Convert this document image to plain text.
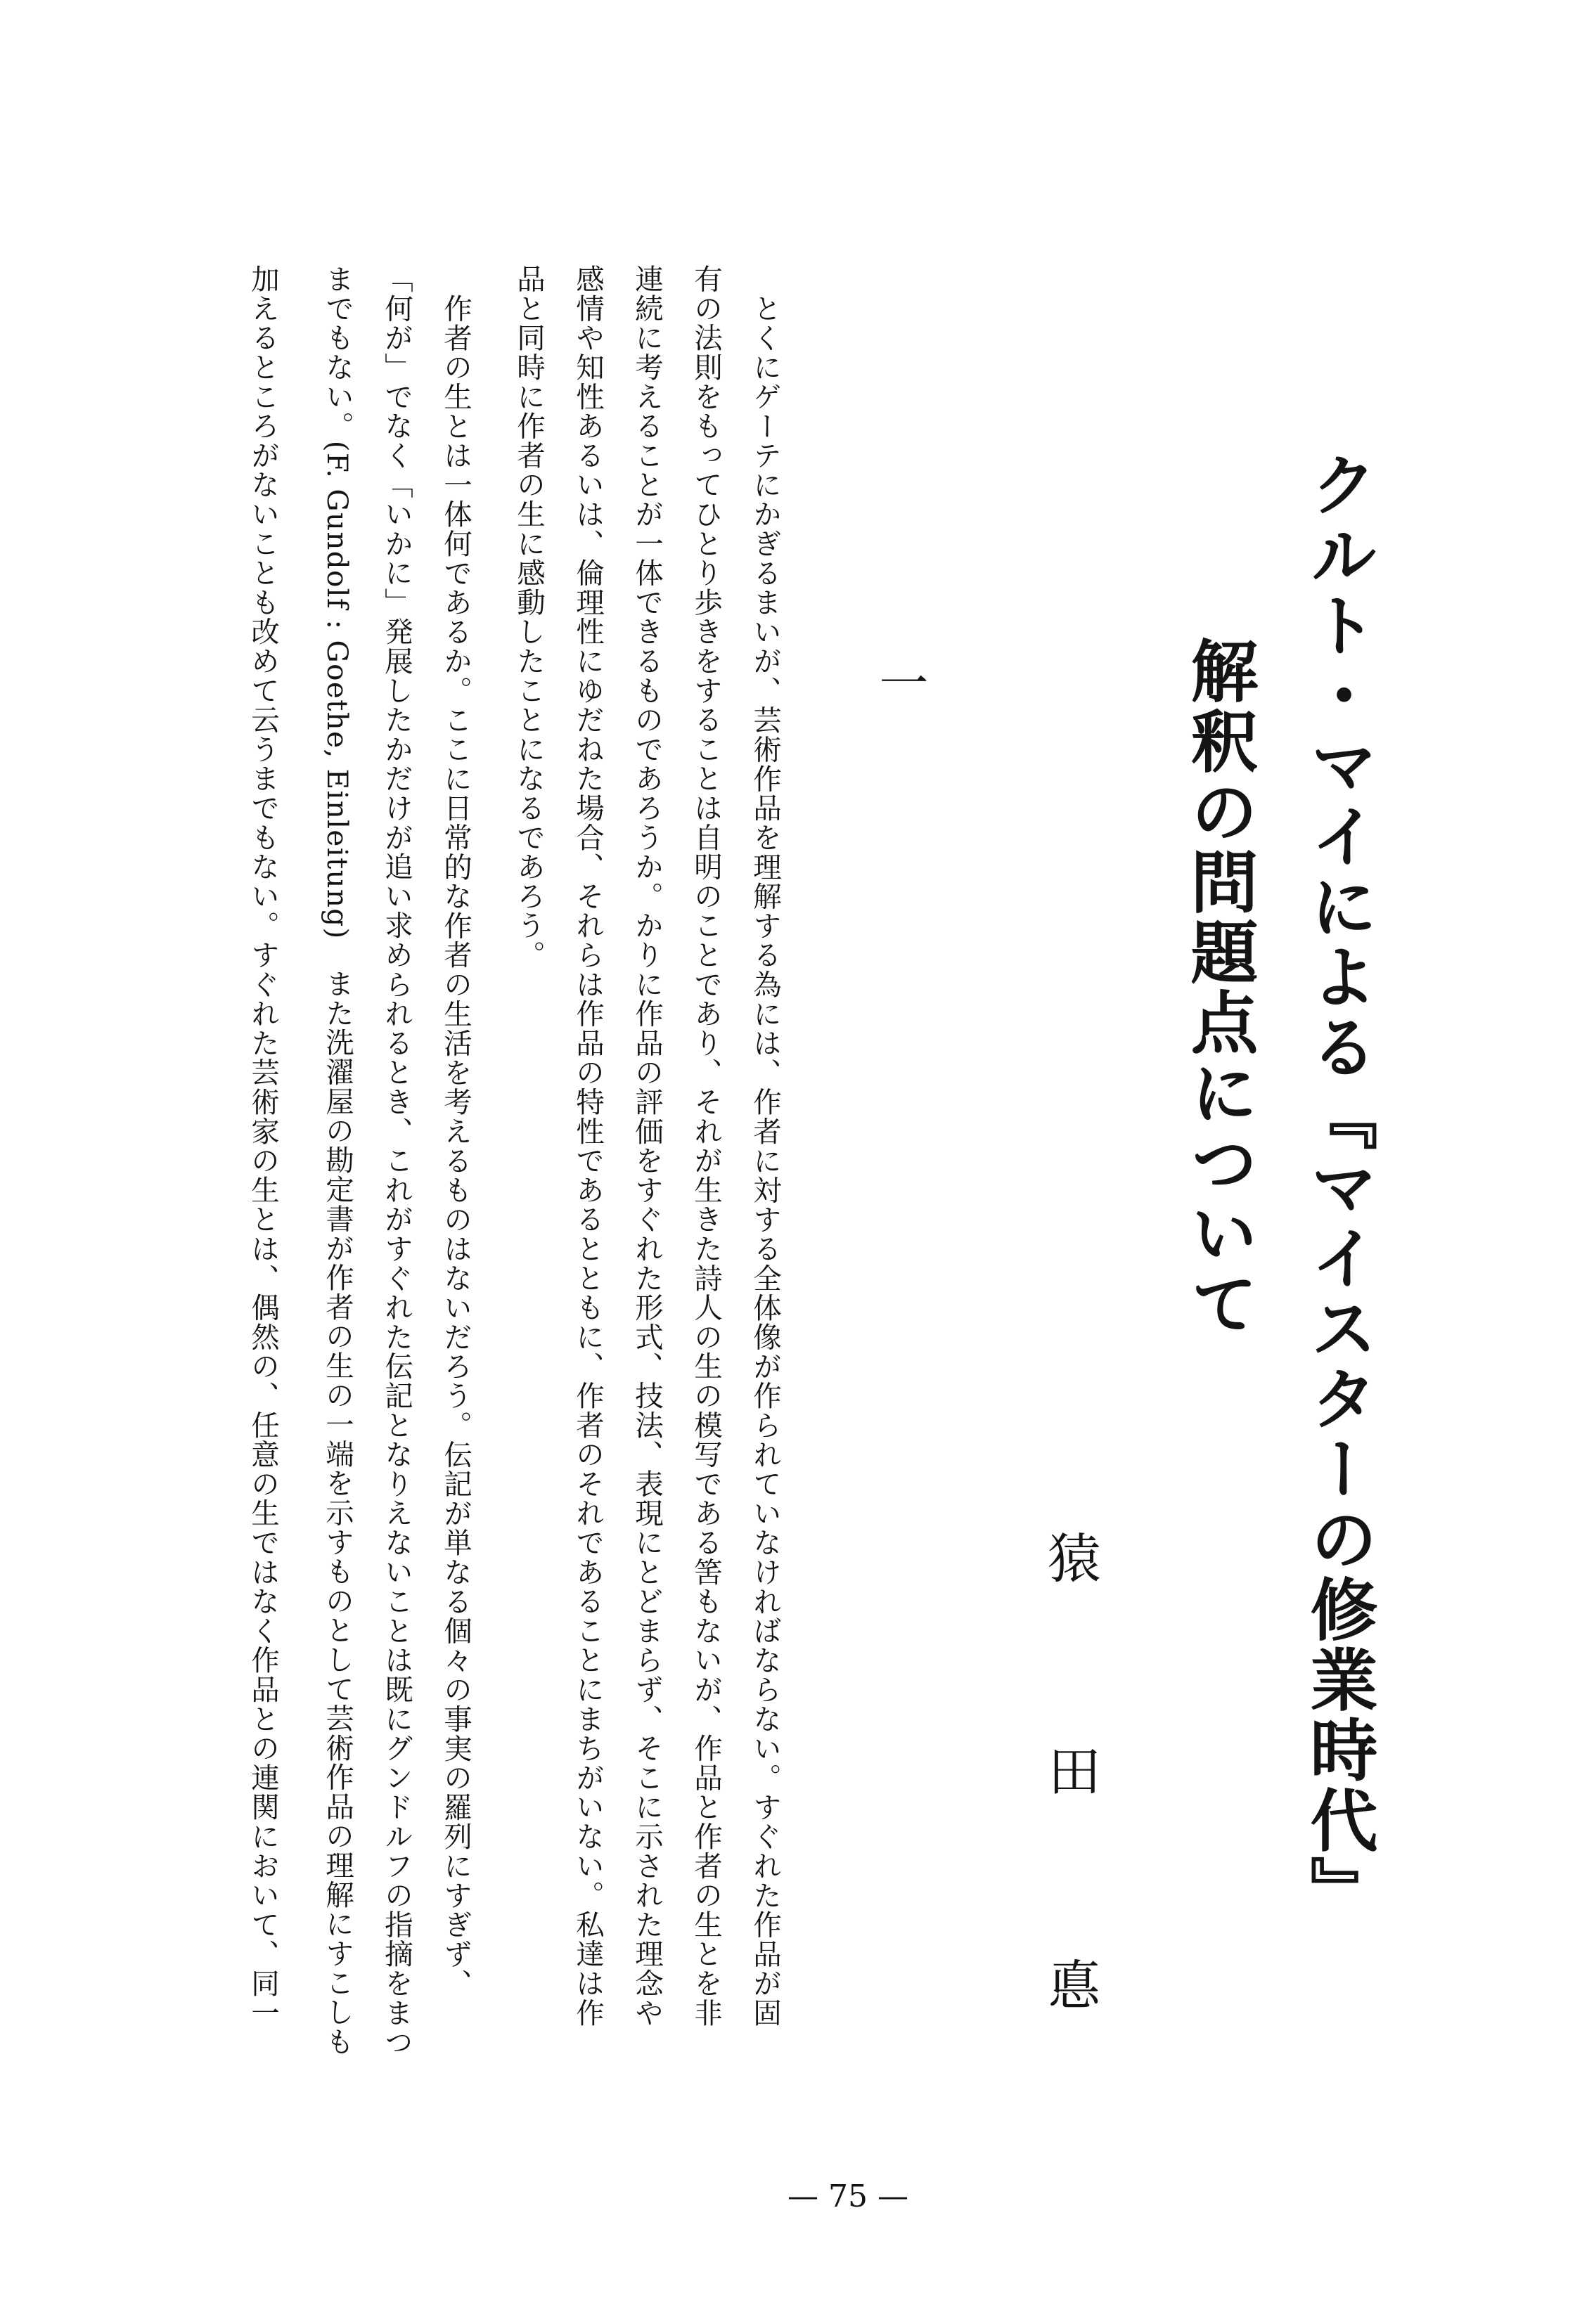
クルト・マイによる『マイスターの修業時代』
解釈の問題点について
猿
田
悳
一
とくにゲーテにかぎるまいが、芸術作品を理解する為には、作者に対する全体像が作られていなければならない。すぐれた作品が固
有の法則をもってひとり歩きをすることは自明のことであり、それが生きた詩人の生の模写である筈もないが、作品と作者の生とを非
連続に考えることが一体できるものであろうか。かりに作品の評価をすぐれた形式、技法、表現にとどまらず、そこに示された理念や
感情や知性あるいは、倫理性にゆだねた場合、それらは作品の特性であるとともに、作者のそれであることにまちがいない。私達は作
品と同時に作者の生に感動したことになるであろう。
作者の生とは一体何であるか。ここに日常的な作者の生活を考えるものはないだろう。伝記が単なる個々の事実の羅列にすぎず、
「何が」でなく「いかに」発展したかだけが追い求められるとき、これがすぐれた伝記となりえないことは既にグンドルフの指摘をまつ
までもない。(F. Gundolf : Goethe, Einleitung)　また洗濯屋の勘定書が作者の生の一端を示すものとして芸術作品の理解にすこしも
加えるところがないことも改めて云うまでもない。すぐれた芸術家の生とは、偶然の、任意の生ではなく作品との連関において、同一
— 75 —
